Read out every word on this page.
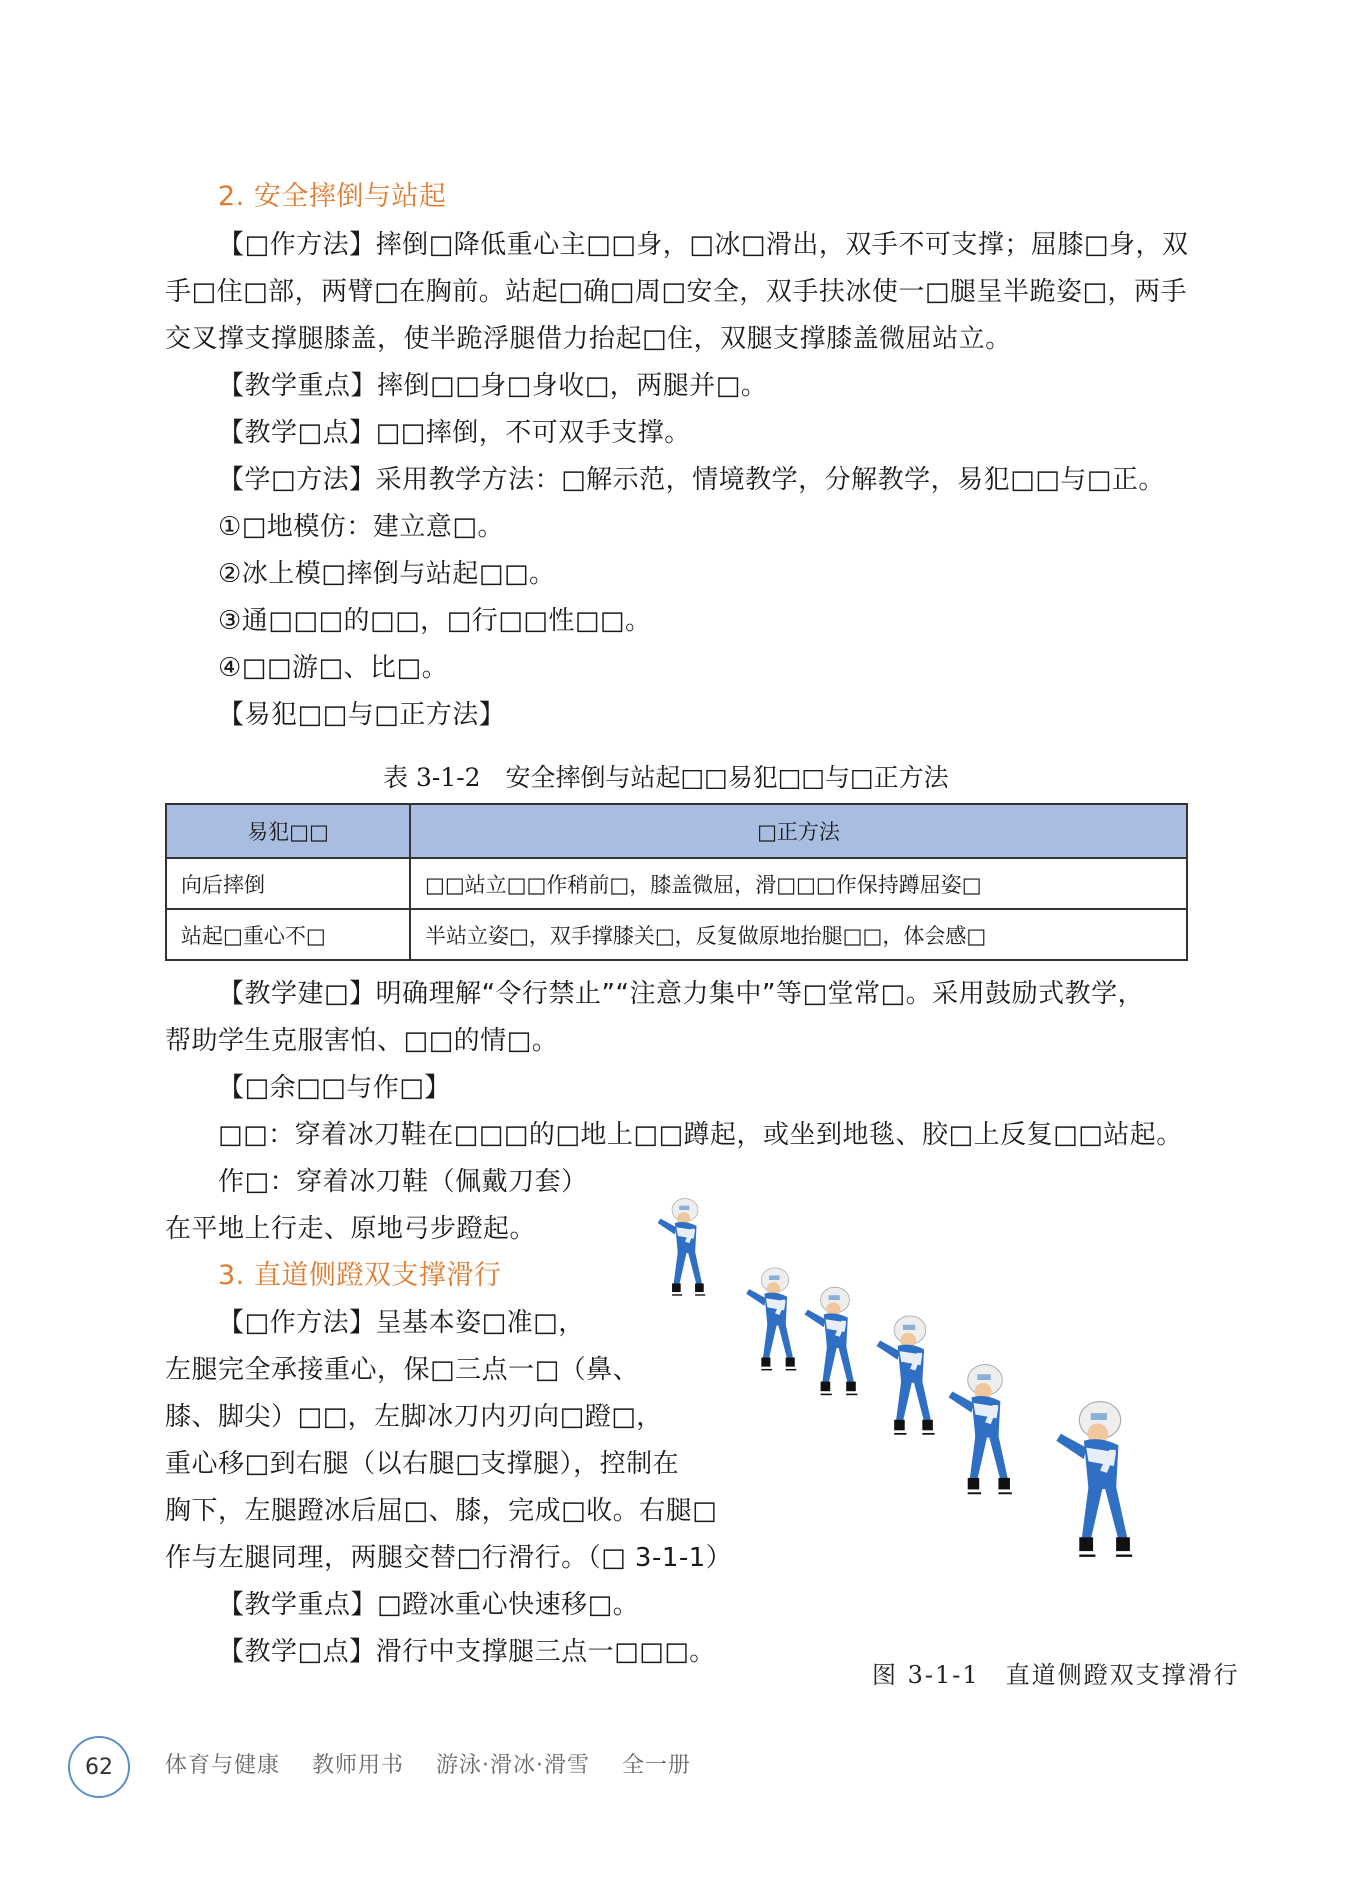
2. 安全摔倒与站起
【□作方法】摔倒□降低重心主□□身，□冰□滑出，双手不可支撑；屈膝□身，双
手□住□部，两臂□在胸前。站起□确□周□安全，双手扶冰使一□腿呈半跪姿□，两手
交叉撑支撑腿膝盖，使半跪浮腿借力抬起□住，双腿支撑膝盖微屈站立。
【教学重点】摔倒□□身□身收□，两腿并□。
【教学□点】□□摔倒，不可双手支撑。
【学□方法】采用教学方法：□解示范，情境教学，分解教学，易犯□□与□正。
①□地模仿：建立意□。
②冰上模□摔倒与站起□□。
③通□□□的□□，□行□□性□□。
④□□游□、比□。
【易犯□□与□正方法】
表 3-1-2　安全摔倒与站起□□易犯□□与□正方法
易犯□□	□正方法
向后摔倒	□□站立□□作稍前□，膝盖微屈，滑□□□作保持蹲屈姿□
站起□重心不□	半站立姿□，双手撑膝关□，反复做原地抬腿□□，体会感□
【教学建□】明确理解“令行禁止”“注意力集中”等□堂常□。采用鼓励式教学，
帮助学生克服害怕、□□的情□。
【□余□□与作□】
□□：穿着冰刀鞋在□□□的□地上□□蹲起，或坐到地毯、胶□上反复□□站起。
作□：穿着冰刀鞋（佩戴刀套）
在平地上行走、原地弓步蹬起。
3. 直道侧蹬双支撑滑行
【□作方法】呈基本姿□准□，
左腿完全承接重心，保□三点一□（鼻、
膝、脚尖）□□，左脚冰刀内刃向□蹬□，
重心移□到右腿（以右腿□支撑腿），控制在
胸下，左腿蹬冰后屈□、膝，完成□收。右腿□
作与左腿同理，两腿交替□行滑行。（□ 3-1-1）
【教学重点】□蹬冰重心快速移□。
【教学□点】滑行中支撑腿三点一□□□。
图 3-1-1　直道侧蹬双支撑滑行
62 体育与健康 教师用书 游泳·滑冰·滑雪 全一册
